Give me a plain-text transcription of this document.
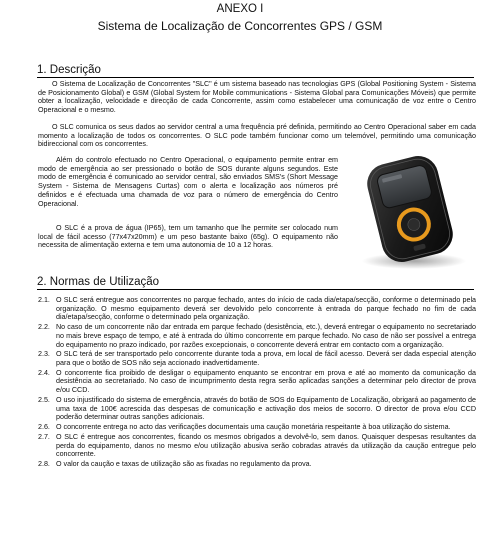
ANEXO I
Sistema de Localização de Concorrentes GPS / GSM
1. Descrição

O Sistema de Localização de Concorrentes "SLC" é um sistema baseado nas tecnologias GPS (Global Positioning System - Sistema de Posicionamento Global) e GSM (Global System for Mobile communications - Sistema Global para Comunicações Móveis) que permite obter a localização, velocidade e direcção de cada Concorrente, assim como estabelecer uma comunicação de voz entre o Centro Operacional e o mesmo.

O SLC comunica os seus dados ao servidor central a uma frequência pré definida, permitindo ao Centro Operacional saber em cada momento a localização de todos os concorrentes. O SLC pode também funcionar como um telemóvel, permitindo uma comunicação bidireccional com os concorrentes.

Além do controlo efectuado no Centro Operacional, o equipamento permite entrar em modo de emergência ao ser pressionado o botão de SOS durante alguns segundos. Este modo de emergência é comunicado ao servidor central, são enviados SMS's (Short Message System - Sistema de Mensagens Curtas) com o alerta e localização aos números pré definidos e é efectuada uma chamada de voz para o número de emergência do Centro Operacional.

O SLC é a prova de água (IP65), tem um tamanho que lhe permite ser colocado num local de fácil acesso (77x47x20mm) e um peso bastante baixo (65g). O equipamento não necessita de alimentação externa e tem uma autonomia de 10 a 12 horas.

2. Normas de Utilização
2.1. O SLC será entregue aos concorrentes no parque fechado, antes do início de cada dia/etapa/secção, conforme o determinado pela organização. O mesmo equipamento deverá ser devolvido pelo concorrente à entrada do parque fechado no fim de cada dia/etapa/secção, conforme o determinado pela organização.
2.2. No caso de um concorrente não dar entrada em parque fechado (desistência, etc.), deverá entregar o equipamento no secretariado no mais breve espaço de tempo, e até à entrada do último concorrente em parque fechado. No caso de não ser possível a entrega do equipamento no prazo indicado, por razões excepcionais, o concorrente deverá entrar em contacto com a organização.
2.3. O SLC terá de ser transportado pelo concorrente durante toda a prova, em local de fácil acesso. Deverá ser dada especial atenção para que o botão de SOS não seja accionado inadvertidamente.
2.4. O concorrente fica proibido de desligar o equipamento enquanto se encontrar em prova e até ao momento da comunicação da desistência ao secretariado. No caso de incumprimento desta regra serão aplicadas sanções a determinar pelo director de prova e/ou CCD.
2.5. O uso injustificado do sistema de emergência, através do botão de SOS do Equipamento de Localização, obrigará ao pagamento de uma taxa de 100€ acrescida das despesas de comunicação e activação dos meios de socorro. O director de prova e/ou CCD poderão determinar outras sanções adicionais.
2.6. O concorrente entrega no acto das verificações documentais uma caução monetária respeitante à boa utilização do sistema.
2.7. O SLC é entregue aos concorrentes, ficando os mesmos obrigados a devolvê-lo, sem danos. Quaisquer despesas resultantes da perda do equipamento, danos no mesmo e/ou utilização abusiva serão cobradas através da utilização da caução entregue pelo concorrente.
2.8. O valor da caução e taxas de utilização são as fixadas no regulamento da prova.
